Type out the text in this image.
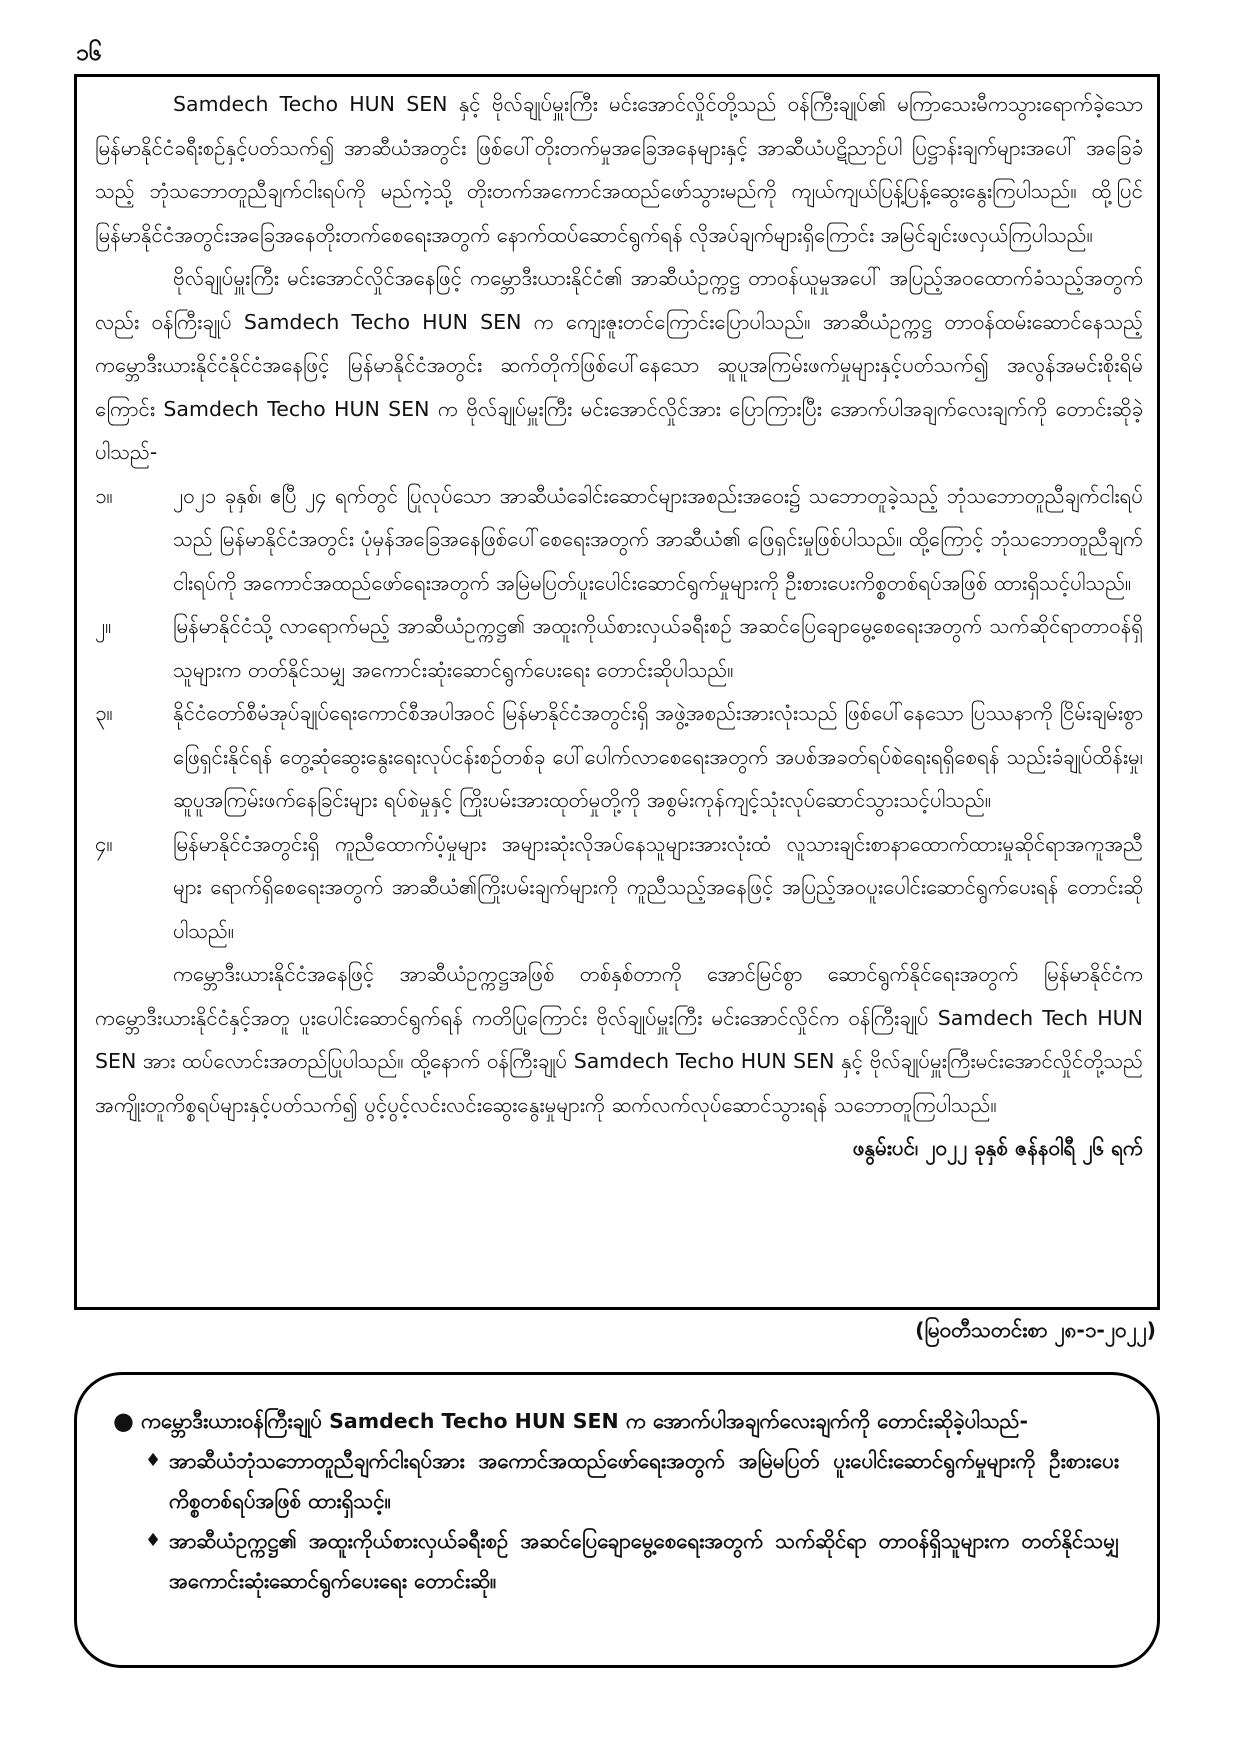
၁၆

Samdech Techo HUN SEN နှင့် ဗိုလ်ချုပ်မှူးကြီး မင်းအောင်လှိုင်တို့သည် ဝန်ကြီးချုပ်၏ မကြာသေးမီကသွားရောက်ခဲ့သော မြန်မာနိုင်ငံခရီးစဉ်နှင့်ပတ်သက်၍ အာဆီယံအတွင်း ဖြစ်ပေါ်တိုးတက်မှုအခြေအနေများနှင့် အာဆီယံပဋိညာဉ်ပါ ပြဋ္ဌာန်းချက်များအပေါ် အခြေခံသည့် ဘုံသဘောတူညီချက်ငါးရပ်ကို မည်ကဲ့သို့ တိုးတက်အကောင်အထည်ဖော်သွားမည်ကို ကျယ်ကျယ်ပြန့်ပြန့်ဆွေးနွေးကြပါသည်။ ထို့ပြင် မြန်မာနိုင်ငံအတွင်းအခြေအနေတိုးတက်စေရေးအတွက် နောက်ထပ်ဆောင်ရွက်ရန် လိုအပ်ချက်များရှိကြောင်း အမြင်ချင်းဖလှယ်ကြပါသည်။

ဗိုလ်ချုပ်မှူးကြီး မင်းအောင်လှိုင်အနေဖြင့် ကမ္ဘောဒီးယားနိုင်ငံ၏ အာဆီယံဥက္ကဋ္ဌ တာဝန်ယူမှုအပေါ် အပြည့်အဝထောက်ခံသည့်အတွက်လည်း ဝန်ကြီးချုပ် Samdech Techo HUN SEN က ကျေးဇူးတင်ကြောင်းပြောပါသည်။ အာဆီယံဥက္ကဋ္ဌ တာဝန်ထမ်းဆောင်နေသည့် ကမ္ဘောဒီးယားနိုင်ငံနိုင်ငံအနေဖြင့် မြန်မာနိုင်ငံအတွင်း ဆက်တိုက်ဖြစ်ပေါ်နေသော ဆူပူအကြမ်းဖက်မှုများနှင့်ပတ်သက်၍ အလွန်အမင်းစိုးရိမ်ကြောင်း Samdech Techo HUN SEN က ဗိုလ်ချုပ်မှူးကြီး မင်းအောင်လှိုင်အား ပြောကြားပြီး အောက်ပါအချက်လေးချက်ကို တောင်းဆိုခဲ့ပါသည်-

၁။	၂၀၂၁ ခုနှစ်၊ ဧပြီ ၂၄ ရက်တွင် ပြုလုပ်သော အာဆီယံခေါင်းဆောင်များအစည်းအဝေး၌ သဘောတူခဲ့သည့် ဘုံသဘောတူညီချက်ငါးရပ်သည် မြန်မာနိုင်ငံအတွင်း ပုံမှန်အခြေအနေဖြစ်ပေါ်စေရေးအတွက် အာဆီယံ၏ ဖြေရှင်းမှုဖြစ်ပါသည်။ ထို့ကြောင့် ဘုံသဘောတူညီချက်ငါးရပ်ကို အကောင်အထည်ဖော်ရေးအတွက် အမြဲမပြတ်ပူးပေါင်းဆောင်ရွက်မှုများကို ဦးစားပေးကိစ္စတစ်ရပ်အဖြစ် ထားရှိသင့်ပါသည်။
၂။	မြန်မာနိုင်ငံသို့ လာရောက်မည့် အာဆီယံဥက္ကဋ္ဌ၏ အထူးကိုယ်စားလှယ်ခရီးစဉ် အဆင်ပြေချောမွေ့စေရေးအတွက် သက်ဆိုင်ရာတာဝန်ရှိသူများက တတ်နိုင်သမျှ အကောင်းဆုံးဆောင်ရွက်ပေးရေး တောင်းဆိုပါသည်။
၃။	နိုင်ငံတော်စီမံအုပ်ချုပ်ရေးကောင်စီအပါအဝင် မြန်မာနိုင်ငံအတွင်းရှိ အဖွဲ့အစည်းအားလုံးသည် ဖြစ်ပေါ်နေသော ပြဿနာကို ငြိမ်းချမ်းစွာ ဖြေရှင်းနိုင်ရန် တွေ့ဆုံဆွေးနွေးရေးလုပ်ငန်းစဉ်တစ်ခု ပေါ်ပေါက်လာစေရေးအတွက် အပစ်အခတ်ရပ်စဲရေးရရှိစေရန် သည်းခံချုပ်ထိန်းမှု၊ ဆူပူအကြမ်းဖက်နေခြင်းများ ရပ်စဲမှုနှင့် ကြိုးပမ်းအားထုတ်မှုတို့ကို အစွမ်းကုန်ကျင့်သုံးလုပ်ဆောင်သွားသင့်ပါသည်။
၄။	မြန်မာနိုင်ငံအတွင်းရှိ ကူညီထောက်ပံ့မှုများ အများဆုံးလိုအပ်နေသူများအားလုံးထံ လူသားချင်းစာနာထောက်ထားမှုဆိုင်ရာအကူအညီများ ရောက်ရှိစေရေးအတွက် အာဆီယံ၏ကြိုးပမ်းချက်များကို ကူညီသည့်အနေဖြင့် အပြည့်အဝပူးပေါင်းဆောင်ရွက်ပေးရန် တောင်းဆိုပါသည်။

ကမ္ဘောဒီးယားနိုင်ငံအနေဖြင့် အာဆီယံဥက္ကဋ္ဌအဖြစ် တစ်နှစ်တာကို အောင်မြင်စွာ ဆောင်ရွက်နိုင်ရေးအတွက် မြန်မာနိုင်ငံက ကမ္ဘောဒီးယားနိုင်ငံနှင့်အတူ ပူးပေါင်းဆောင်ရွက်ရန် ကတိပြုကြောင်း ဗိုလ်ချုပ်မှူးကြီး မင်းအောင်လှိုင်က ဝန်ကြီးချုပ် Samdech Tech HUN SEN အား ထပ်လောင်းအတည်ပြုပါသည်။ ထို့နောက် ဝန်ကြီးချုပ် Samdech Techo HUN SEN နှင့် ဗိုလ်ချုပ်မှူးကြီးမင်းအောင်လှိုင်တို့သည် အကျိုးတူကိစ္စရပ်များနှင့်ပတ်သက်၍ ပွင့်ပွင့်လင်းလင်းဆွေးနွေးမှုများကို ဆက်လက်လုပ်ဆောင်သွားရန် သဘောတူကြပါသည်။

ဖနွမ်းပင်၊ ၂၀၂၂ ခုနှစ် ဇန်နဝါရီ ၂၆ ရက်

(မြဝတီသတင်းစာ ၂၈-၁-၂၀၂၂)
● ကမ္ဘောဒီးယားဝန်ကြီးချုပ် Samdech Techo HUN SEN က အောက်ပါအချက်လေးချက်ကို တောင်းဆိုခဲ့ပါသည်-
♦ အာဆီယံဘုံသဘောတူညီချက်ငါးရပ်အား အကောင်အထည်ဖော်ရေးအတွက် အမြဲမပြတ် ပူးပေါင်းဆောင်ရွက်မှုများကို ဦးစားပေးကိစ္စတစ်ရပ်အဖြစ် ထားရှိသင့်။
♦ အာဆီယံဥက္ကဋ္ဌ၏ အထူးကိုယ်စားလှယ်ခရီးစဉ် အဆင်ပြေချောမွေ့စေရေးအတွက် သက်ဆိုင်ရာ တာဝန်ရှိသူများက တတ်နိုင်သမျှ အကောင်းဆုံးဆောင်ရွက်ပေးရေး တောင်းဆို။
